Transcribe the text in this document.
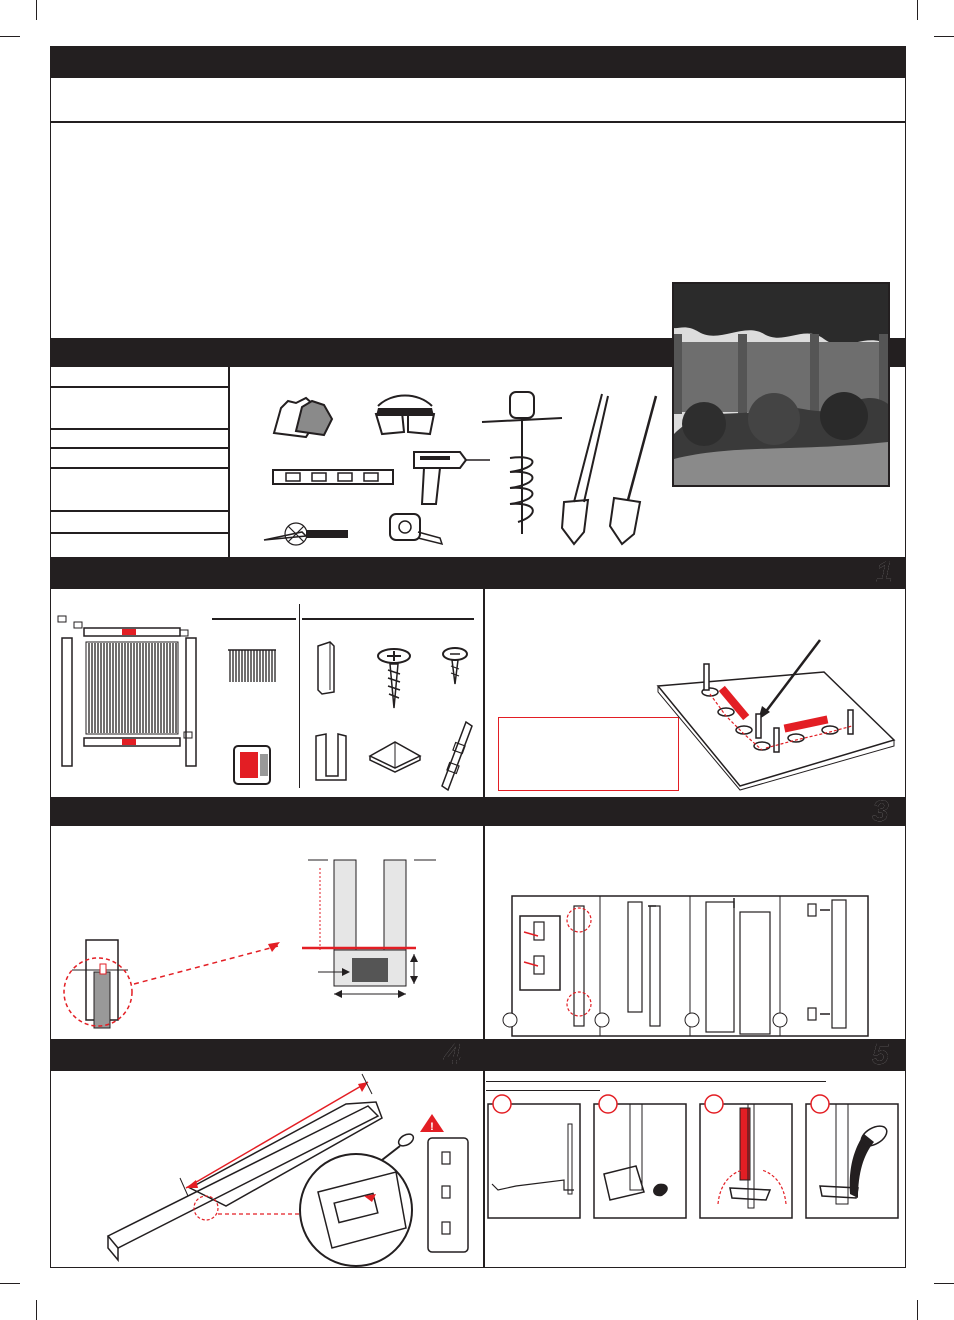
1
3
4	5
!
